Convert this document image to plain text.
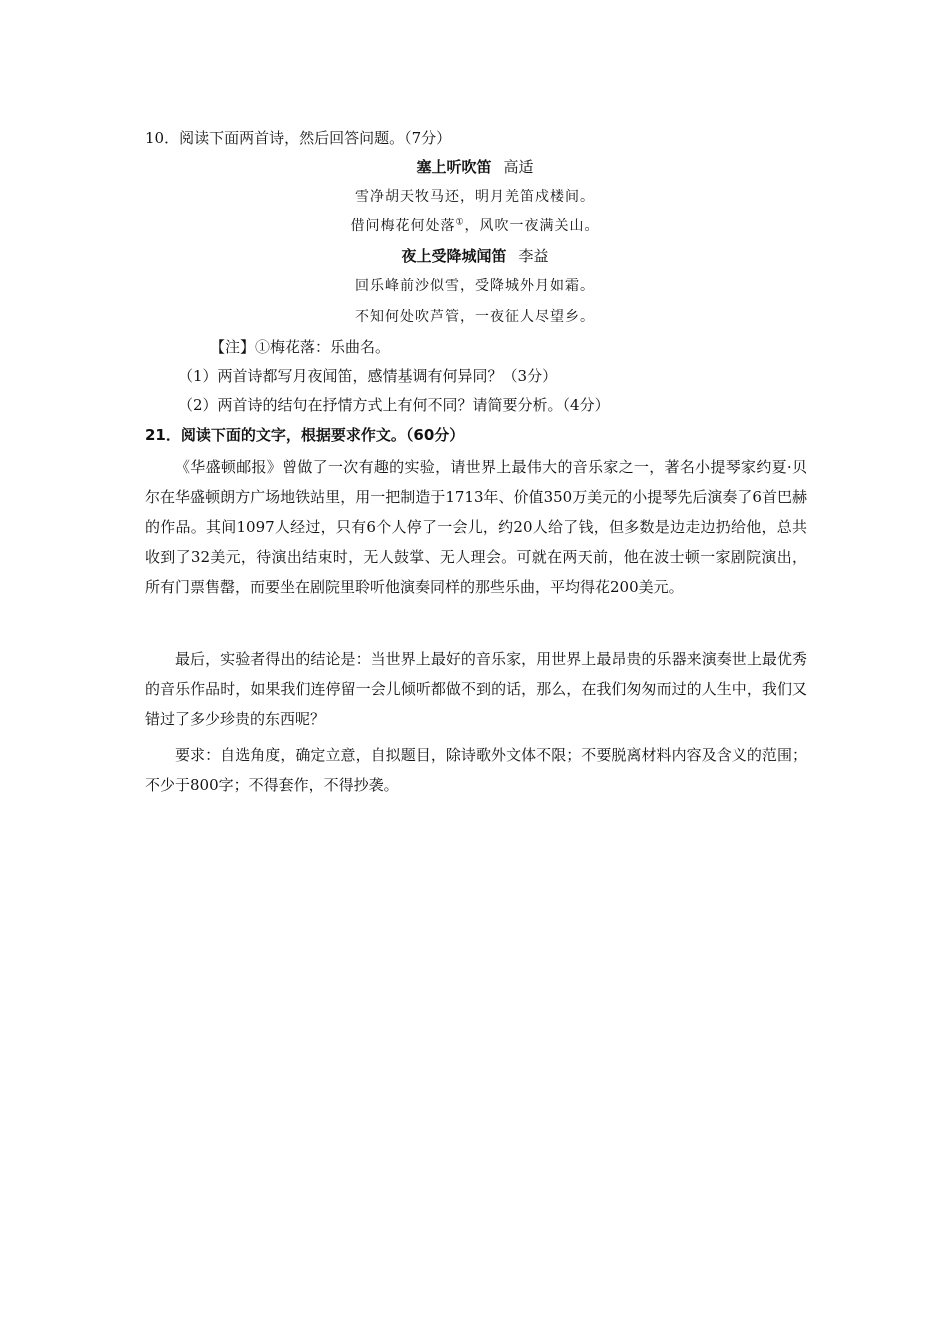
10．阅读下面两首诗，然后回答问题。（7分）
塞上听吹笛 高适
雪净胡天牧马还，明月羌笛戍楼间。
借问梅花何处落①，风吹一夜满关山。
夜上受降城闻笛 李益
回乐峰前沙似雪，受降城外月如霜。
不知何处吹芦管，一夜征人尽望乡。
【注】①梅花落：乐曲名。
（1）两首诗都写月夜闻笛，感情基调有何异同？（3分）
（2）两首诗的结句在抒情方式上有何不同？请简要分析。（4分）
21．阅读下面的文字，根据要求作文。（60分）
《华盛顿邮报》曾做了一次有趣的实验，请世界上最伟大的音乐家之一，著名小提琴家约夏·贝尔在华盛顿朗方广场地铁站里，用一把制造于1713年、价值350万美元的小提琴先后演奏了6首巴赫的作品。其间1097人经过，只有6个人停了一会儿，约20人给了钱，但多数是边走边扔给他，总共收到了32美元，待演出结束时，无人鼓掌、无人理会。可就在两天前，他在波士顿一家剧院演出，所有门票售罄，而要坐在剧院里聆听他演奏同样的那些乐曲，平均得花200美元。
最后，实验者得出的结论是：当世界上最好的音乐家，用世界上最昂贵的乐器来演奏世上最优秀的音乐作品时，如果我们连停留一会儿倾听都做不到的话，那么，在我们匆匆而过的人生中，我们又错过了多少珍贵的东西呢？
要求：自选角度，确定立意，自拟题目，除诗歌外文体不限；不要脱离材料内容及含义的范围；不少于800字；不得套作，不得抄袭。
